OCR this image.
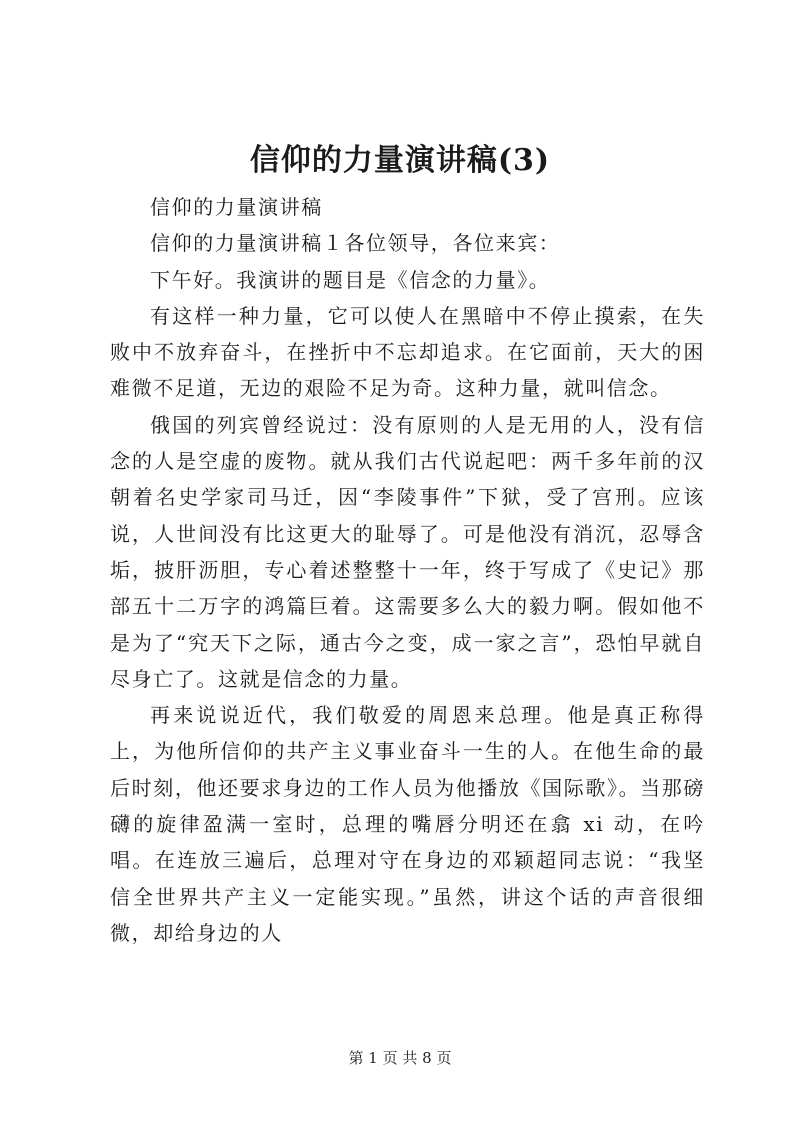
信仰的力量演讲稿(3)

信仰的力量演讲稿

信仰的力量演讲稿１各位领导，各位来宾：

下午好。我演讲的题目是《信念的力量》。

有这样一种力量，它可以使人在黑暗中不停止摸索，在失败中不放弃奋斗，在挫折中不忘却追求。在它面前，天大的困难微不足道，无边的艰险不足为奇。这种力量，就叫信念。

俄国的列宾曾经说过：没有原则的人是无用的人，没有信念的人是空虚的废物。就从我们古代说起吧：两千多年前的汉朝着名史学家司马迁，因“李陵事件”下狱，受了宫刑。应该说，人世间没有比这更大的耻辱了。可是他没有消沉，忍辱含垢，披肝沥胆，专心着述整整十一年，终于写成了《史记》那部五十二万字的鸿篇巨着。这需要多么大的毅力啊。假如他不是为了“究天下之际，通古今之变，成一家之言”，恐怕早就自尽身亡了。这就是信念的力量。

再来说说近代，我们敬爱的周恩来总理。他是真正称得上，为他所信仰的共产主义事业奋斗一生的人。在他生命的最后时刻，他还要求身边的工作人员为他播放《国际歌》。当那磅礴的旋律盈满一室时，总理的嘴唇分明还在翕 xi 动，在吟唱。在连放三遍后，总理对守在身边的邓颖超同志说：“我坚信全世界共产主义一定能实现。”虽然，讲这个话的声音很细微，却给身边的人

第 1 页 共 8 页
